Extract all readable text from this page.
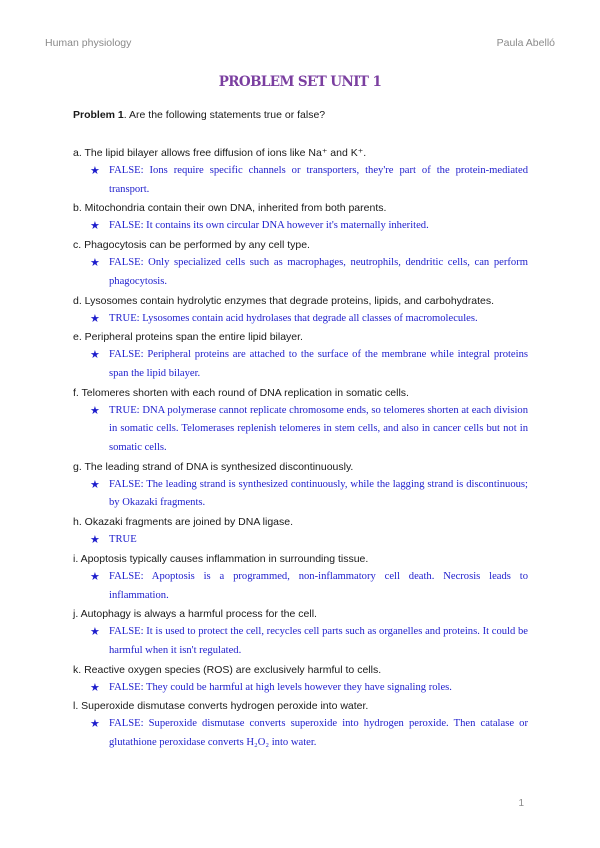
Human physiology	Paula Abelló
PROBLEM SET UNIT 1
Problem 1. Are the following statements true or false?
a. The lipid bilayer allows free diffusion of ions like Na⁺ and K⁺.
★ FALSE: Ions require specific channels or transporters, they're part of the protein-mediated transport.
b. Mitochondria contain their own DNA, inherited from both parents.
★ FALSE: It contains its own circular DNA however it's maternally inherited.
c. Phagocytosis can be performed by any cell type.
★ FALSE: Only specialized cells such as macrophages, neutrophils, dendritic cells, can perform phagocytosis.
d. Lysosomes contain hydrolytic enzymes that degrade proteins, lipids, and carbohydrates.
★ TRUE: Lysosomes contain acid hydrolases that degrade all classes of macromolecules.
e. Peripheral proteins span the entire lipid bilayer.
★ FALSE: Peripheral proteins are attached to the surface of the membrane while integral proteins span the lipid bilayer.
f. Telomeres shorten with each round of DNA replication in somatic cells.
★ TRUE: DNA polymerase cannot replicate chromosome ends, so telomeres shorten at each division in somatic cells. Telomerases replenish telomeres in stem cells, and also in cancer cells but not in somatic cells.
g. The leading strand of DNA is synthesized discontinuously.
★ FALSE: The leading strand is synthesized continuously, while the lagging strand is discontinuous; by Okazaki fragments.
h. Okazaki fragments are joined by DNA ligase.
★ TRUE
i. Apoptosis typically causes inflammation in surrounding tissue.
★ FALSE: Apoptosis is a programmed, non-inflammatory cell death. Necrosis leads to inflammation.
j. Autophagy is always a harmful process for the cell.
★ FALSE: It is used to protect the cell, recycles cell parts such as organelles and proteins. It could be harmful when it isn't regulated.
k. Reactive oxygen species (ROS) are exclusively harmful to cells.
★ FALSE: They could be harmful at high levels however they have signaling roles.
l. Superoxide dismutase converts hydrogen peroxide into water.
★ FALSE: Superoxide dismutase converts superoxide into hydrogen peroxide. Then catalase or glutathione peroxidase converts H₂O₂ into water.
1
